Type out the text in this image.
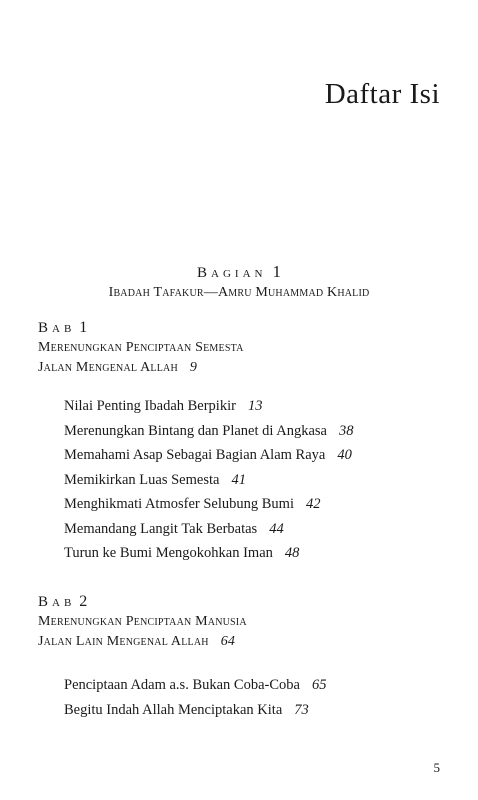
Daftar Isi
Bagian 1
Ibadah Tafakur—Amru Muhammad Khalid
Bab 1
Merenungkan Penciptaan Semesta
Jalan Mengenal Allah 9
Nilai Penting Ibadah Berpikir 13
Merenungkan Bintang dan Planet di Angkasa 38
Memahami Asap Sebagai Bagian Alam Raya 40
Memikirkan Luas Semesta 41
Menghikmati Atmosfer Selubung Bumi 42
Memandang Langit Tak Berbatas 44
Turun ke Bumi Mengokohkan Iman 48
Bab 2
Merenungkan Penciptaan Manusia
Jalan Lain Mengenal Allah 64
Penciptaan Adam a.s. Bukan Coba-Coba 65
Begitu Indah Allah Menciptakan Kita 73
5
